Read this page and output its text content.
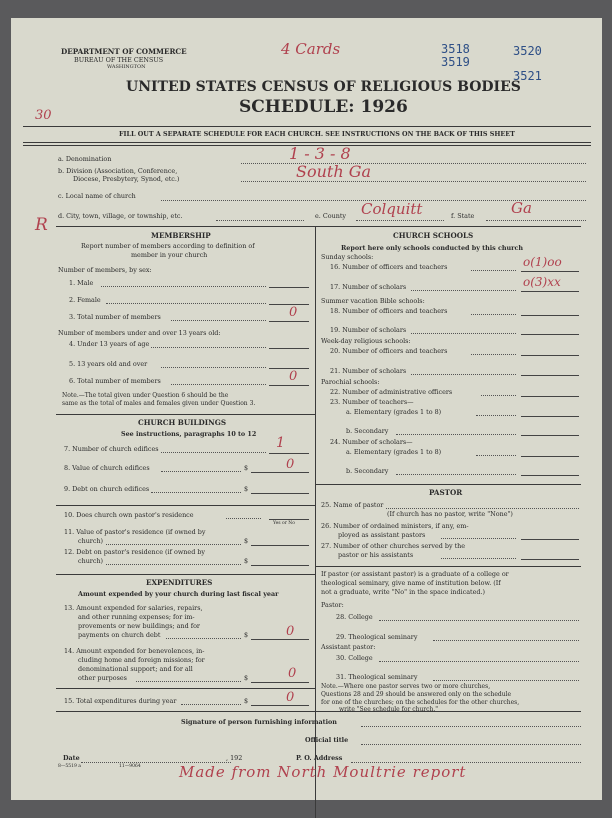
DEPARTMENT OF COMMERCE
BUREAU OF THE CENSUS
WASHINGTON
4 Cards	3518
3519
3520
3521
UNITED STATES CENSUS OF RELIGIOUS BODIES
SCHEDULE: 1926
30
FILL OUT A SEPARATE SCHEDULE FOR EACH CHURCH. SEE INSTRUCTIONS ON THE BACK OF THIS SHEET
a. Denomination	1 - 3 - 8
b. Division (Association, Conference,
Diocese, Presbytery, Synod, etc.)	South Ga
c. Local name of church
d. City, town, village, or township, etc.	e. County Colquitt	f. State Ga
R
MEMBERSHIP
Report number of members according to definition of
member in your church
Number of members, by sex:
1. Male
2. Female
3. Total number of members	0
Number of members under and over 13 years old:
4. Under 13 years of age
5. 13 years old and over
6. Total number of members	0
Note.—The total given under Question 6 should be the
same as the total of males and females given under Question 3.
CHURCH BUILDINGS
See instructions, paragraphs 10 to 12
7. Number of church edifices	1
8. Value of church edifices	$	0
9. Debt on church edifices	$
10. Does church own pastor's residence
Yes or No
11. Value of pastor's residence (if owned by
church)	$
12. Debt on pastor's residence (if owned by
church)	$
EXPENDITURES
Amount expended by your church during last fiscal year
13. Amount expended for salaries, repairs,
and other running expenses; for im-
provements or new buildings; and for
payments on church debt	$	0
14. Amount expended for benevolences, in-
cluding home and foreign missions; for
denominational support; and for all
other purposes	$	0
15. Total expenditures during year	$	0
CHURCH SCHOOLS
Report here only schools conducted by this church
Sunday schools:
16. Number of officers and teachers	o(1)oo
17. Number of scholars	o(3)xx
Summer vacation Bible schools:
18. Number of officers and teachers
19. Number of scholars
Week-day religious schools:
20. Number of officers and teachers
21. Number of scholars
Parochial schools:
22. Number of administrative officers
23. Number of teachers—
a. Elementary (grades 1 to 8)
b. Secondary
24. Number of scholars—
a. Elementary (grades 1 to 8)
b. Secondary
PASTOR
25. Name of pastor
(If church has no pastor, write "None")
26. Number of ordained ministers, if any, em-
ployed as assistant pastors
27. Number of other churches served by the
pastor or his assistants
If pastor (or assistant pastor) is a graduate of a college or
theological seminary, give name of institution below. (If
not a graduate, write "No" in the space indicated.)
Pastor:
28. College
29. Theological seminary
Assistant pastor:
30. College
31. Theological seminary
Note.—Where one pastor serves two or more churches,
Questions 28 and 29 should be answered only on the schedule
for one of the churches; on the schedules for the other churches,
write "See schedule for church."
Signature of person furnishing information
Official title
Date	, 192	P. O. Address
8—5519 a	11—9064	Made from North Moultrie report
